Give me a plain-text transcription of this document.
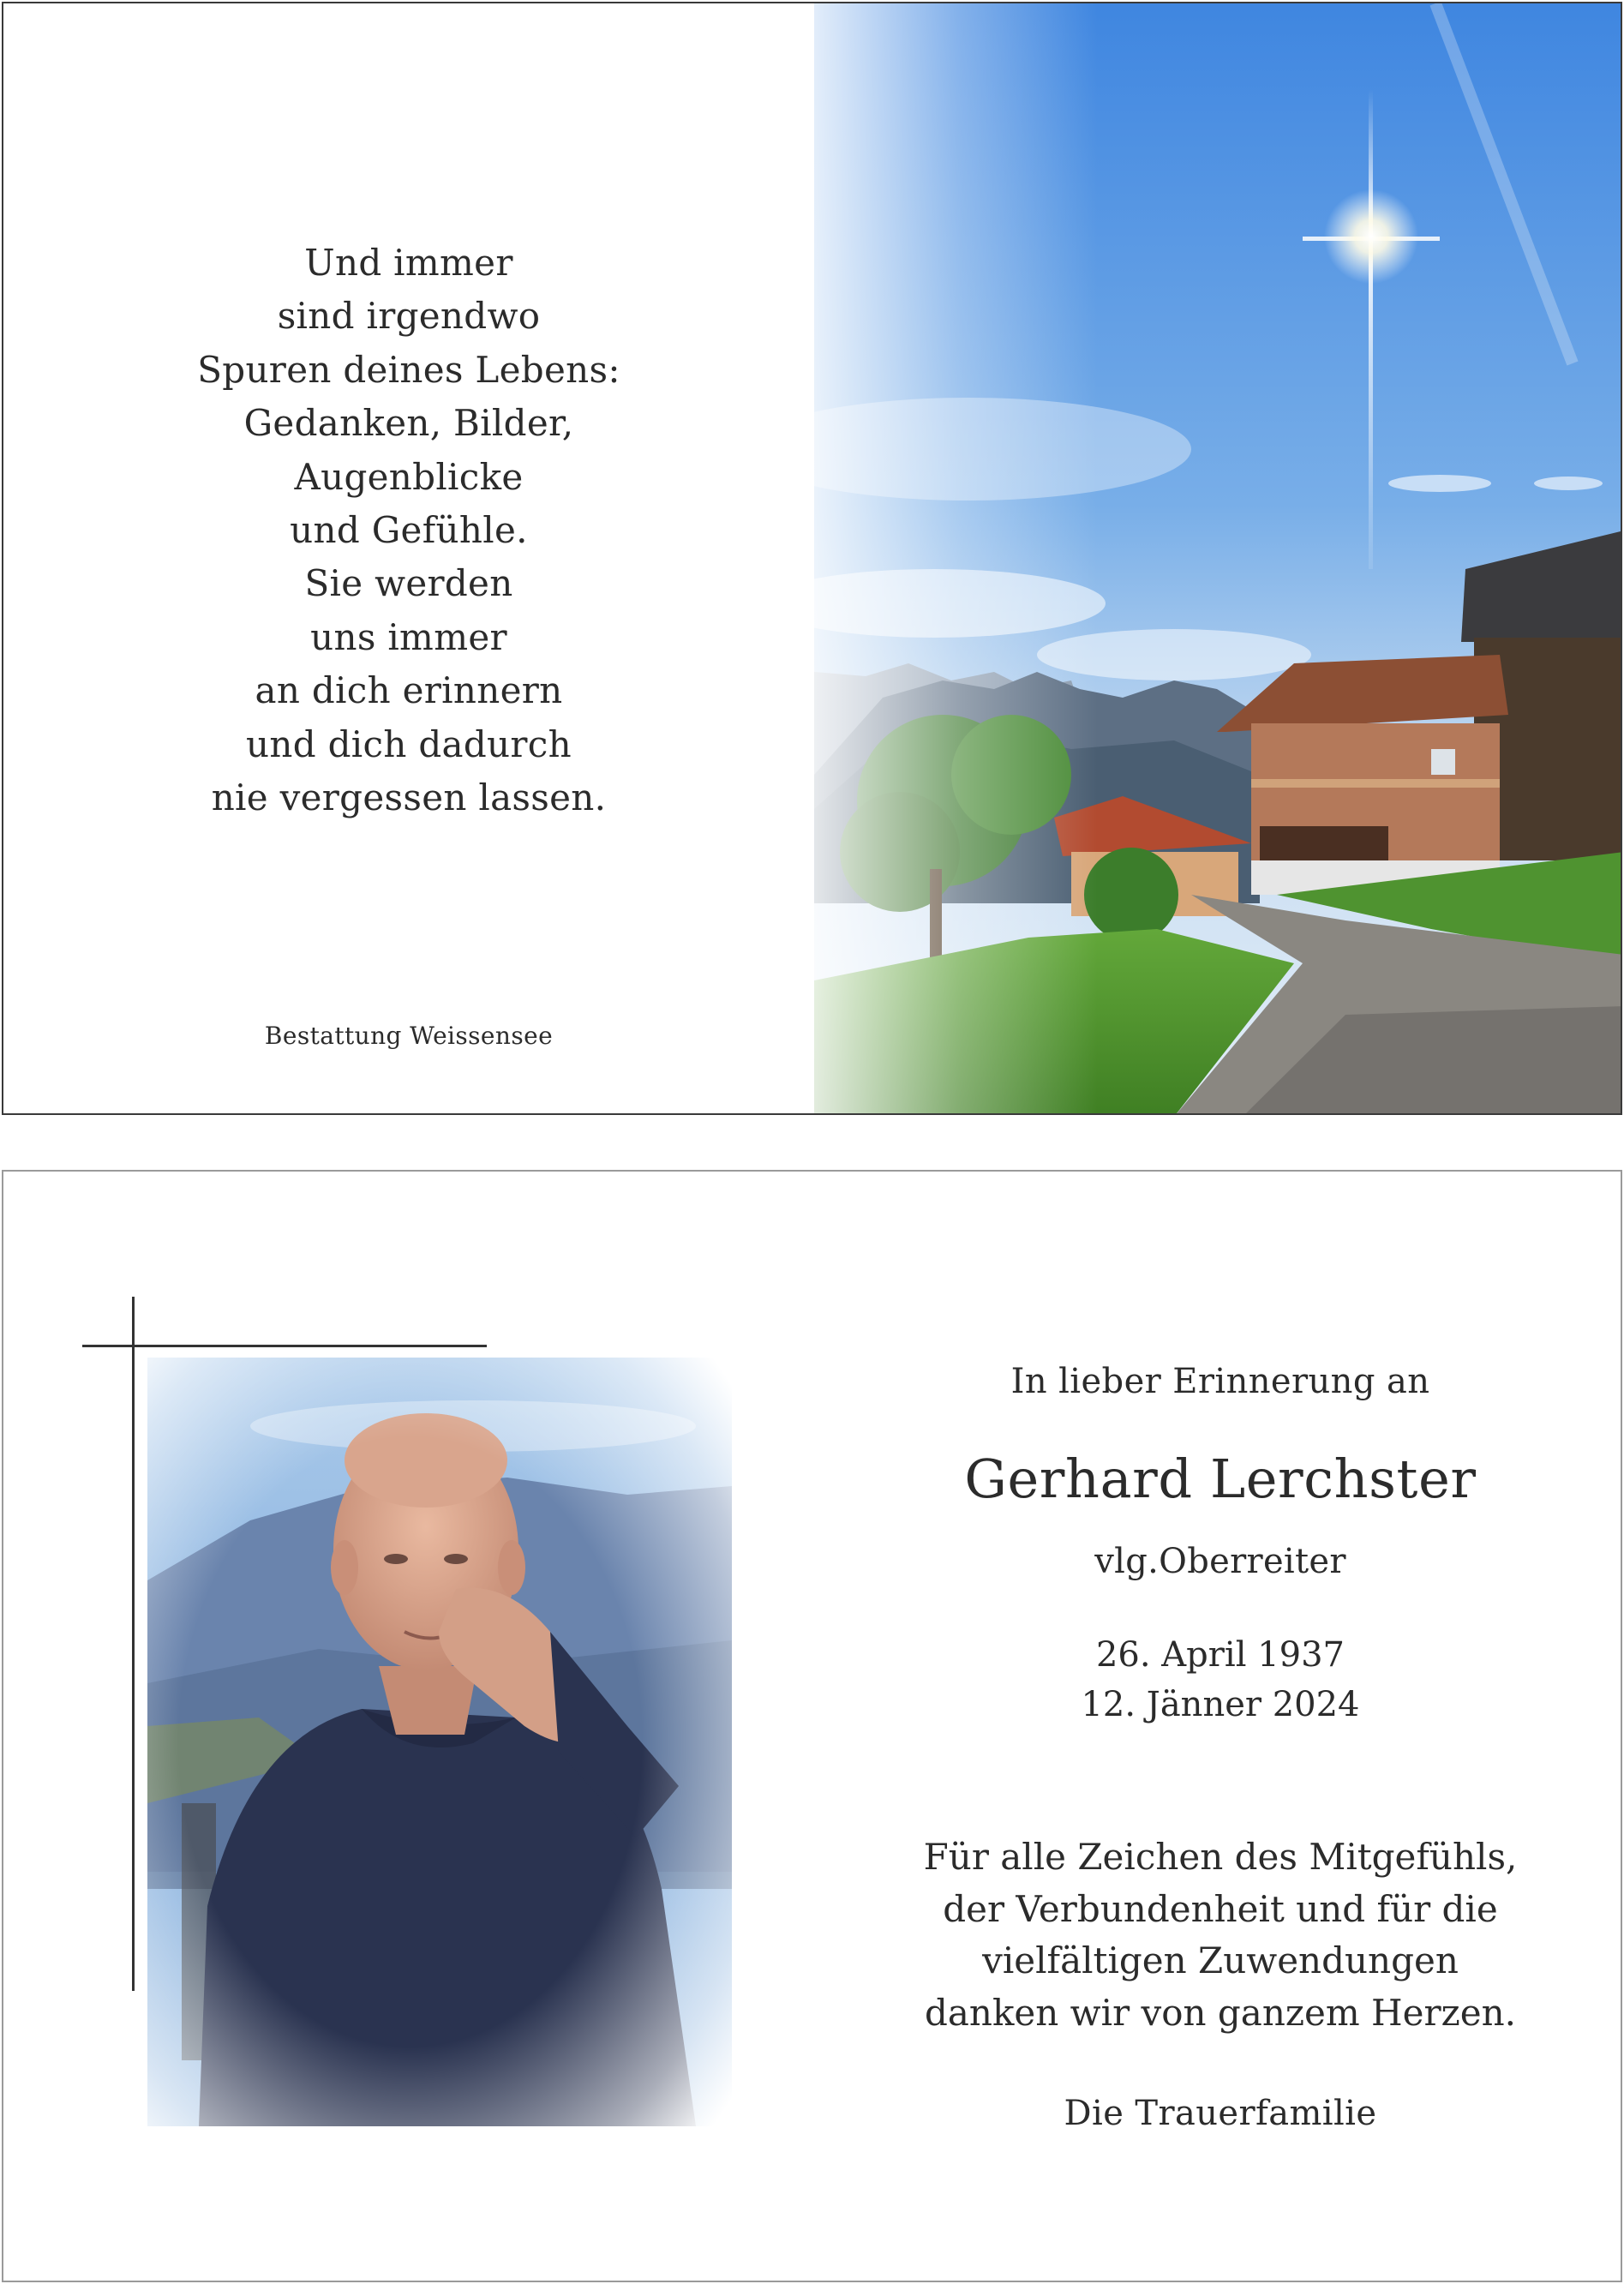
Und immer
sind irgendwo
Spuren deines Lebens:
Gedanken, Bilder,
Augenblicke
und Gefühle.
Sie werden
uns immer
an dich erinnern
und dich dadurch
nie vergessen lassen.
Bestattung Weissensee
In lieber Erinnerung an
Gerhard Lerchster
vlg.Oberreiter
26. April 1937
12. Jänner 2024
Für alle Zeichen des Mitgefühls,
der Verbundenheit und für die
vielfältigen Zuwendungen
danken wir von ganzem Herzen.
Die Trauerfamilie
